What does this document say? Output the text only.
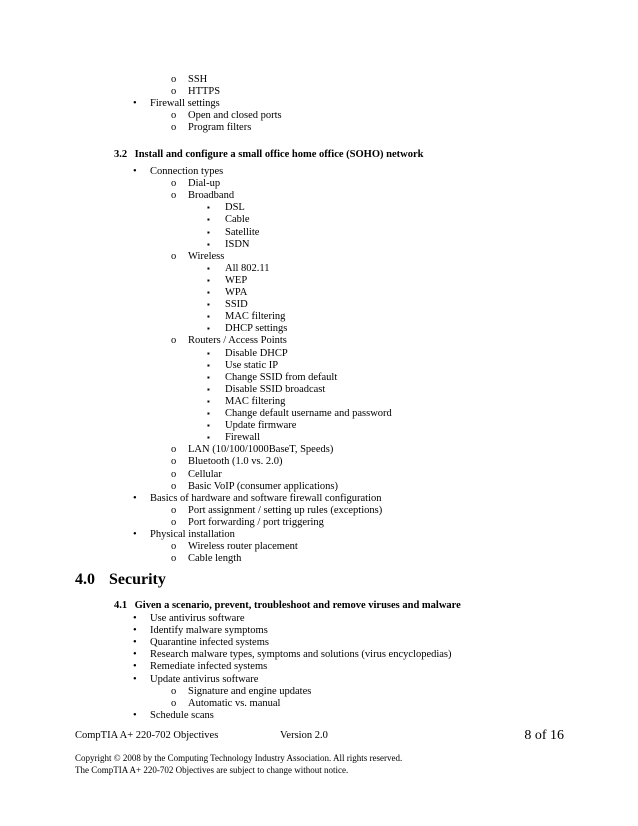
o SSH
o HTTPS
• Firewall settings
o Open and closed ports
o Program filters
• Connection types
o Dial-up
o Broadband
▪ DSL
▪ Cable
▪ Satellite
▪ ISDN
o Wireless
▪ All 802.11
▪ WEP
▪ WPA
▪ SSID
▪ MAC filtering
▪ DHCP settings
o Routers / Access Points
▪ Disable DHCP
▪ Use static IP
▪ Change SSID from default
▪ Disable SSID broadcast
▪ MAC filtering
▪ Change default username and password
▪ Update firmware
▪ Firewall
o LAN (10/100/1000BaseT, Speeds)
o Bluetooth (1.0 vs. 2.0)
o Cellular
o Basic VoIP (consumer applications)
• Basics of hardware and software firewall configuration
o Port assignment / setting up rules (exceptions)
o Port forwarding / port triggering
• Physical installation
o Wireless router placement
o Cable length
• Use antivirus software
• Identify malware symptoms
• Quarantine infected systems
• Research malware types, symptoms and solutions (virus encyclopedias)
• Remediate infected systems
• Update antivirus software
o Signature and engine updates
o Automatic vs. manual
• Schedule scans
3.2 Install and configure a small office home office (SOHO) network
4.0 Security
4.1 Given a scenario, prevent, troubleshoot and remove viruses and malware
CompTIA A+ 220-702 Objectives	Version 2.0	8 of 16
Copyright © 2008 by the Computing Technology Industry Association. All rights reserved.
The CompTIA A+ 220-702 Objectives are subject to change without notice.
